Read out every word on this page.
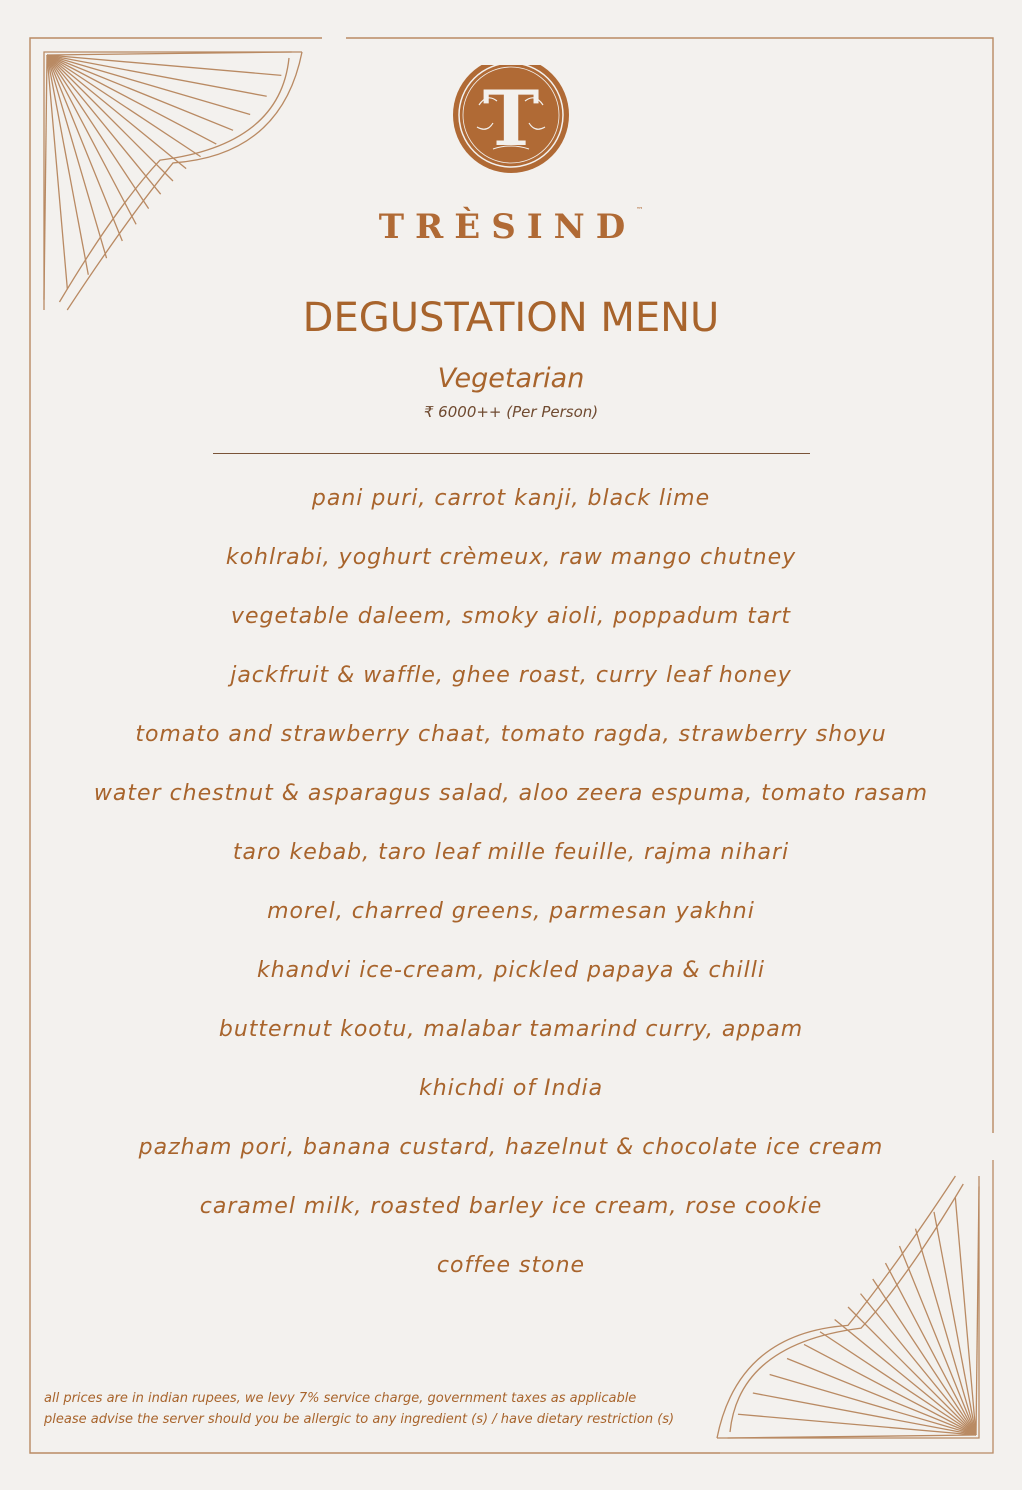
T
TRÈSIND™
DEGUSTATION MENU
Vegetarian
₹ 6000++ (Per Person)
pani puri, carrot kanji, black lime
kohlrabi, yoghurt crèmeux, raw mango chutney
vegetable daleem, smoky aioli, poppadum tart
jackfruit & waffle, ghee roast, curry leaf honey
tomato and strawberry chaat, tomato ragda, strawberry shoyu
water chestnut & asparagus salad, aloo zeera espuma, tomato rasam
taro kebab, taro leaf mille feuille, rajma nihari
morel, charred greens, parmesan yakhni
khandvi ice-cream, pickled papaya & chilli
butternut kootu, malabar tamarind curry, appam
khichdi of India
pazham pori, banana custard, hazelnut & chocolate ice cream
caramel milk, roasted barley ice cream, rose cookie
coffee stone
all prices are in indian rupees, we levy 7% service charge, government taxes as applicable
please advise the server should you be allergic to any ingredient (s) / have dietary restriction (s)
